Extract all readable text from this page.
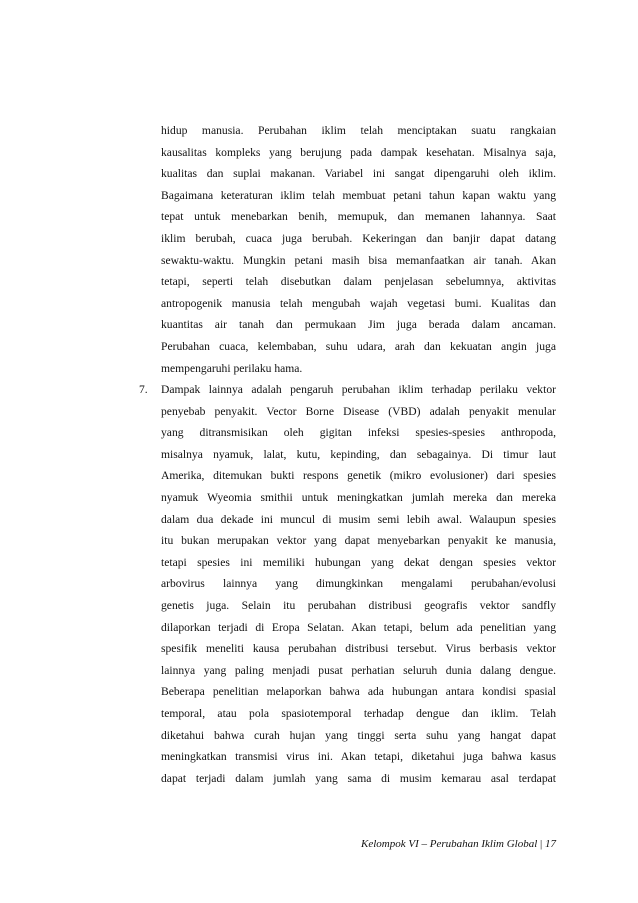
hidup manusia. Perubahan iklim telah menciptakan suatu rangkaian
kausalitas kompleks yang berujung pada dampak kesehatan. Misalnya saja,
kualitas dan suplai makanan. Variabel ini sangat dipengaruhi oleh iklim.
Bagaimana keteraturan iklim telah membuat petani tahun kapan waktu yang
tepat untuk menebarkan benih, memupuk, dan memanen lahannya. Saat
iklim berubah, cuaca juga berubah. Kekeringan dan banjir dapat datang
sewaktu-waktu. Mungkin petani masih bisa memanfaatkan air tanah. Akan
tetapi, seperti telah disebutkan dalam penjelasan sebelumnya, aktivitas
antropogenik manusia telah mengubah wajah vegetasi bumi. Kualitas dan
kuantitas air tanah dan permukaan Jim juga berada dalam ancaman.
Perubahan cuaca, kelembaban, suhu udara, arah dan kekuatan angin juga
mempengaruhi perilaku hama.
7. Dampak lainnya adalah pengaruh perubahan iklim terhadap perilaku vektor
penyebab penyakit. Vector Borne Disease (VBD) adalah penyakit menular
yang ditransmisikan oleh gigitan infeksi spesies-spesies anthropoda,
misalnya nyamuk, lalat, kutu, kepinding, dan sebagainya. Di timur laut
Amerika, ditemukan bukti respons genetik (mikro evolusioner) dari spesies
nyamuk Wyeomia smithii untuk meningkatkan jumlah mereka dan mereka
dalam dua dekade ini muncul di musim semi lebih awal. Walaupun spesies
itu bukan merupakan vektor yang dapat menyebarkan penyakit ke manusia,
tetapi spesies ini memiliki hubungan yang dekat dengan spesies vektor
arbovirus lainnya yang dimungkinkan mengalami perubahan/evolusi
genetis juga. Selain itu perubahan distribusi geografis vektor sandfly
dilaporkan terjadi di Eropa Selatan. Akan tetapi, belum ada penelitian yang
spesifik meneliti kausa perubahan distribusi tersebut. Virus berbasis vektor
lainnya yang paling menjadi pusat perhatian seluruh dunia dalang dengue.
Beberapa penelitian melaporkan bahwa ada hubungan antara kondisi spasial
temporal, atau pola spasiotemporal terhadap dengue dan iklim. Telah
diketahui bahwa curah hujan yang tinggi serta suhu yang hangat dapat
meningkatkan transmisi virus ini. Akan tetapi, diketahui juga bahwa kasus
dapat terjadi dalam jumlah yang sama di musim kemarau asal terdapat
Kelompok VI – Perubahan Iklim Global | 17
